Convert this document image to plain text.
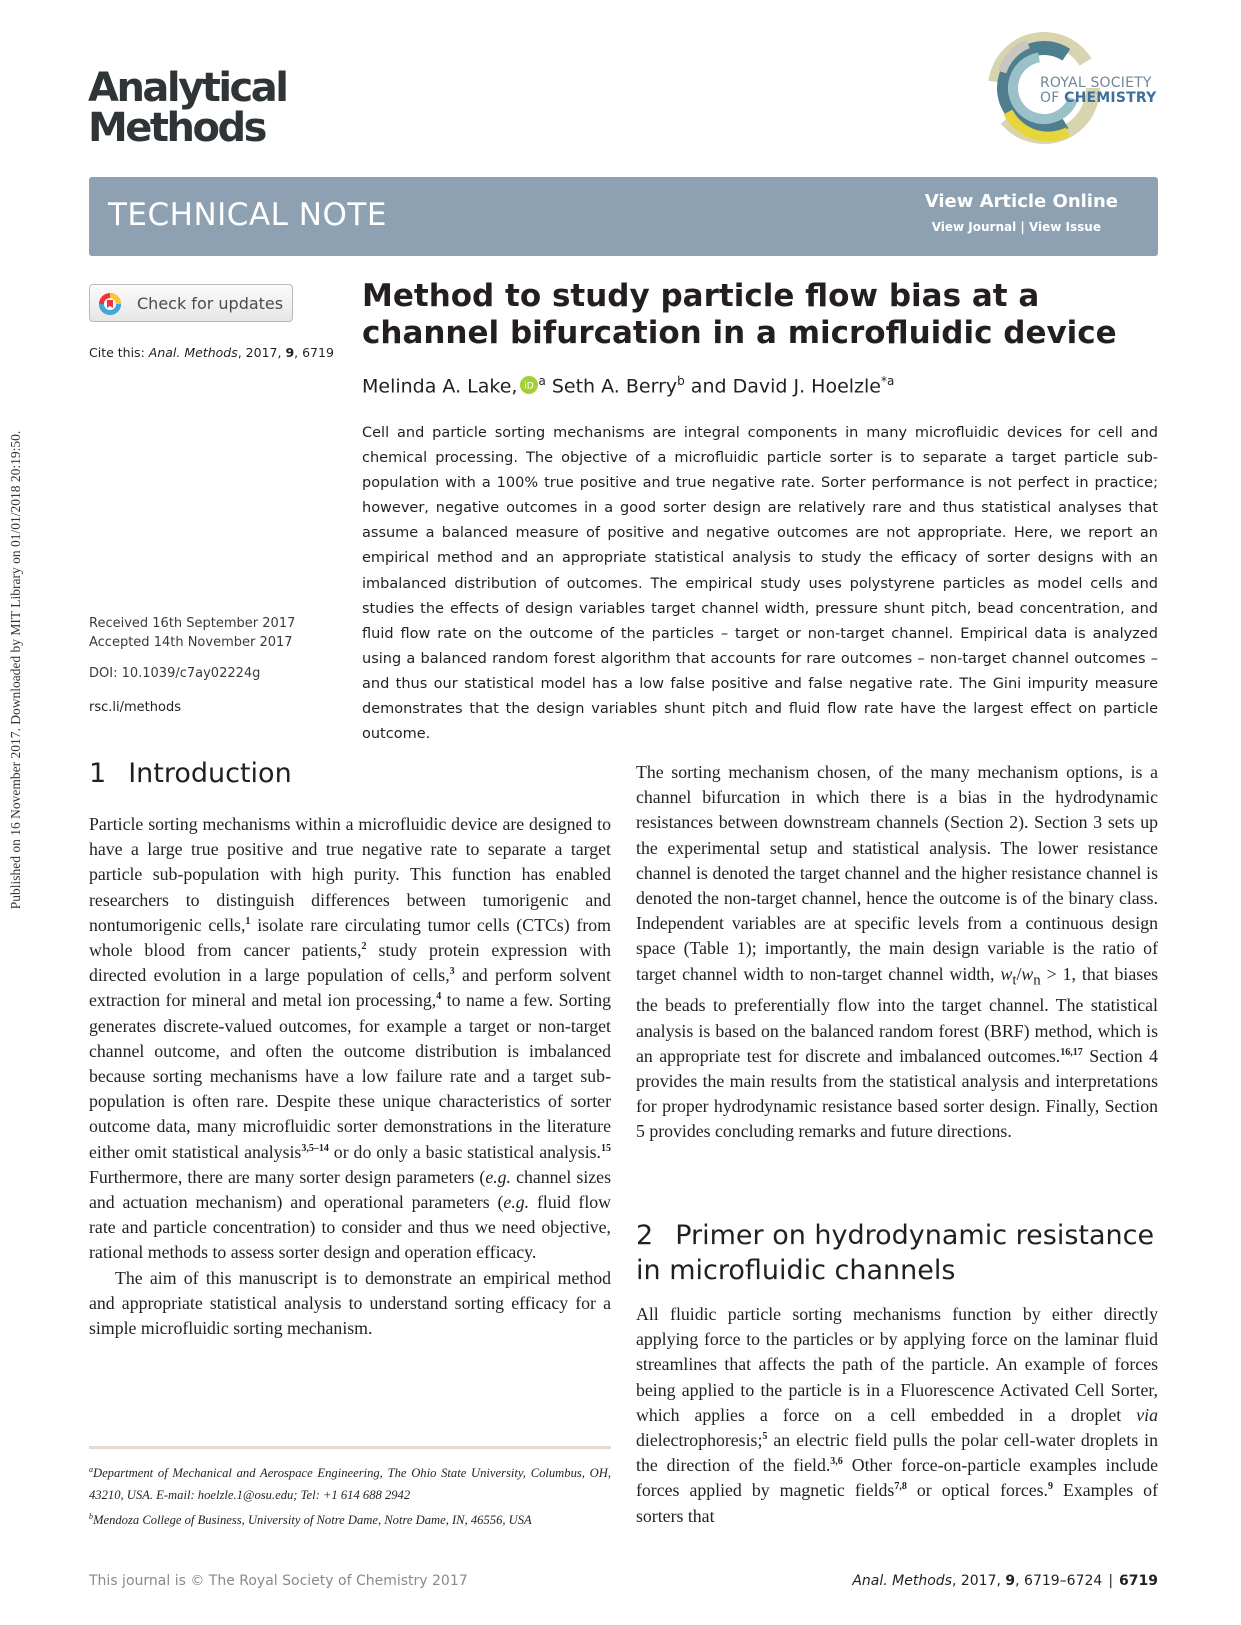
Published on 16 November 2017. Downloaded by MIT Library on 01/01/2018 20:19:50.
Analytical
Methods
ROYAL SOCIETY
OF CHEMISTRY
TECHNICAL NOTE	View Article Online
View Journal | View Issue
Check for updates
Cite this: Anal. Methods, 2017, 9, 6719
Received 16th September 2017
Accepted 14th November 2017
DOI: 10.1039/c7ay02224g
rsc.li/methods
Method to study particle flow bias at a channel bifurcation in a microfluidic device
Melinda A. Lake, iD $^a$ Seth A. Berry$^b$ and David J. Hoelzle$^{*a}$

Cell and particle sorting mechanisms are integral components in many microfluidic devices for cell and chemical processing. The objective of a microfluidic particle sorter is to separate a target particle sub-population with a 100% true positive and true negative rate. Sorter performance is not perfect in practice; however, negative outcomes in a good sorter design are relatively rare and thus statistical analyses that assume a balanced measure of positive and negative outcomes are not appropriate. Here, we report an empirical method and an appropriate statistical analysis to study the efficacy of sorter designs with an imbalanced distribution of outcomes. The empirical study uses polystyrene particles as model cells and studies the effects of design variables target channel width, pressure shunt pitch, bead concentration, and fluid flow rate on the outcome of the particles – target or non-target channel. Empirical data is analyzed using a balanced random forest algorithm that accounts for rare outcomes – non-target channel outcomes – and thus our statistical model has a low false positive and false negative rate. The Gini impurity measure demonstrates that the design variables shunt pitch and fluid flow rate have the largest effect on particle outcome.

1 Introduction

Particle sorting mechanisms within a microfluidic device are designed to have a large true positive and true negative rate to separate a target particle sub-population with high purity. This function has enabled researchers to distinguish differences between tumorigenic and nontumorigenic cells,$^1$ isolate rare circulating tumor cells (CTCs) from whole blood from cancer patients,$^2$ study protein expression with directed evolution in a large population of cells,$^3$ and perform solvent extraction for mineral and metal ion processing,$^4$ to name a few. Sorting generates discrete-valued outcomes, for example a target or non-target channel outcome, and often the outcome distribution is imbalanced because sorting mechanisms have a low failure rate and a target sub-population is often rare. Despite these unique characteristics of sorter outcome data, many microfluidic sorter demonstrations in the literature either omit statistical analysis$^{3,5-14}$ or do only a basic statistical analysis.$^{15}$ Furthermore, there are many sorter design parameters (e.g. channel sizes and actuation mechanism) and operational parameters (e.g. fluid flow rate and particle concentration) to consider and thus we need objective, rational methods to assess sorter design and operation efficacy.

The aim of this manuscript is to demonstrate an empirical method and appropriate statistical analysis to understand sorting efficacy for a simple microfluidic sorting mechanism.

The sorting mechanism chosen, of the many mechanism options, is a channel bifurcation in which there is a bias in the hydrodynamic resistances between downstream channels (Section 2). Section 3 sets up the experimental setup and statistical analysis. The lower resistance channel is denoted the target channel and the higher resistance channel is denoted the non-target channel, hence the outcome is of the binary class. Independent variables are at specific levels from a continuous design space (Table 1); importantly, the main design variable is the ratio of target channel width to non-target channel width, $w_t/w_n > 1$, that biases the beads to preferentially flow into the target channel. The statistical analysis is based on the balanced random forest (BRF) method, which is an appropriate test for discrete and imbalanced outcomes.$^{16,17}$ Section 4 provides the main results from the statistical analysis and interpretations for proper hydrodynamic resistance based sorter design. Finally, Section 5 provides concluding remarks and future directions.

2 Primer on hydrodynamic resistance in microfluidic channels

All fluidic particle sorting mechanisms function by either directly applying force to the particles or by applying force on the laminar fluid streamlines that affects the path of the particle. An example of forces being applied to the particle is in a Fluorescence Activated Cell Sorter, which applies a force on a cell embedded in a droplet via dielectrophoresis;$^5$ an electric field pulls the polar cell-water droplets in the direction of the field.$^{3,6}$ Other force-on-particle examples include forces applied by magnetic fields$^{7,8}$ or optical forces.$^9$ Examples of sorters that

$^a$Department of Mechanical and Aerospace Engineering, The Ohio State University, Columbus, OH, 43210, USA. E-mail: hoelzle.1@osu.edu; Tel: +1 614 688 2942

$^b$Mendoza College of Business, University of Notre Dame, Notre Dame, IN, 46556, USA

This journal is © The Royal Society of Chemistry 2017	Anal. Methods, 2017, 9, 6719–6724 | 6719
